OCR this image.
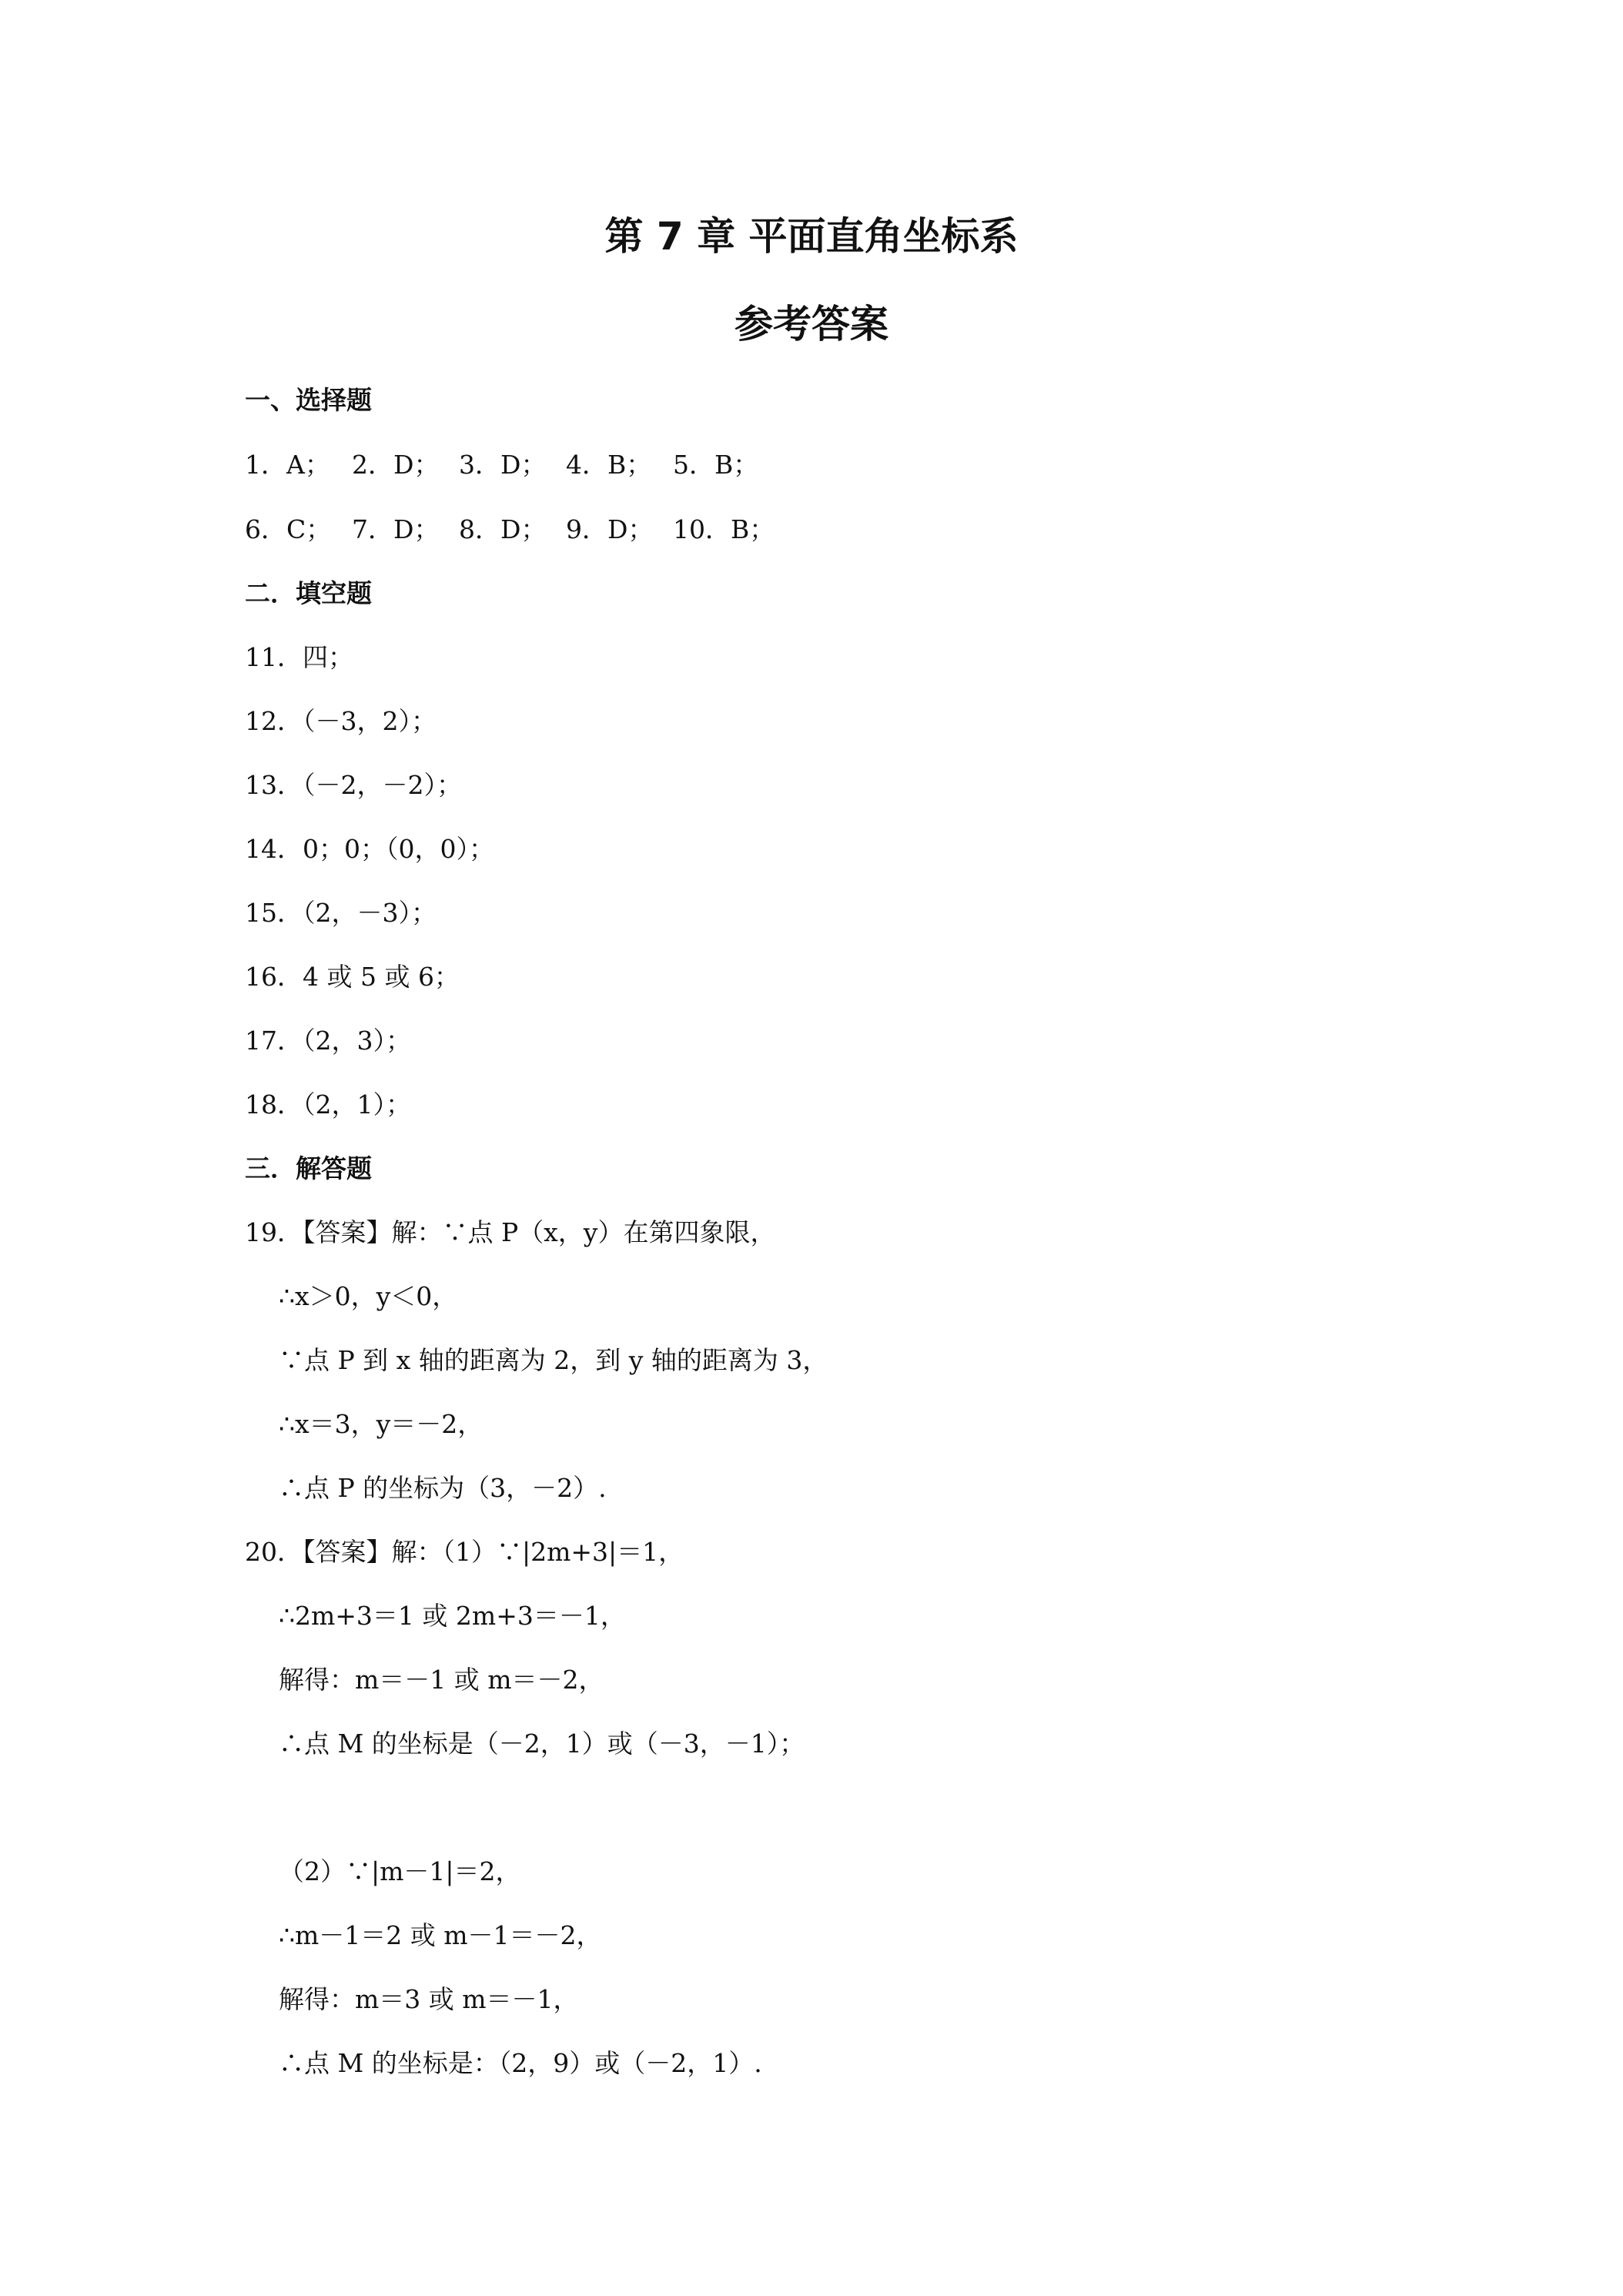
第 7 章 平面直角坐标系
参考答案
一、选择题
1．A； 2．D； 3．D； 4．B； 5．B；
6．C； 7．D； 8．D； 9．D； 10．B；
二．填空题
11．四；
12．（－3，2）；
13．（－2，－2）；
14．0；0；（0，0）；
15．（2，－3）；
16．4 或 5 或 6；
17．（2，3）；
18．（2，1）；
三．解答题
19．【答案】解：∵点 P（x，y）在第四象限，
∴x＞0，y＜0，
∵点 P 到 x 轴的距离为 2，到 y 轴的距离为 3，
∴x＝3，y＝－2，
∴点 P 的坐标为（3，－2）.
20．【答案】解：（1）∵|2m+3|＝1，
∴2m+3＝1 或 2m+3＝－1，
解得：m＝－1 或 m＝－2，
∴点 M 的坐标是（－2，1）或（－3，－1）；
（2）∵|m－1|＝2，
∴m－1＝2 或 m－1＝－2，
解得：m＝3 或 m＝－1，
∴点 M 的坐标是：（2，9）或（－2，1）.
